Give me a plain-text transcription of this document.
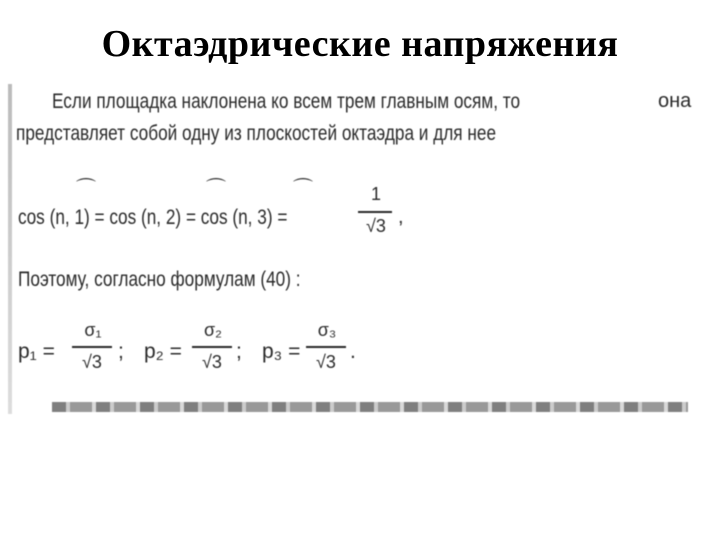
Октаэдрические напряжения
Если площадка наклонена ко всем трем главным осям, то	она
представляет собой одну из плоскостей октаэдра и для нее
⌒	⌒	⌒
cos (n, 1) = cos (n, 2) = cos (n, 3) =
1
√3 ,
Поэтому, согласно формулам (40) :
p₁ =
σ₁
√3 ; p₂ =
σ₂
√3 ; p₃ =
σ₃
√3 .
